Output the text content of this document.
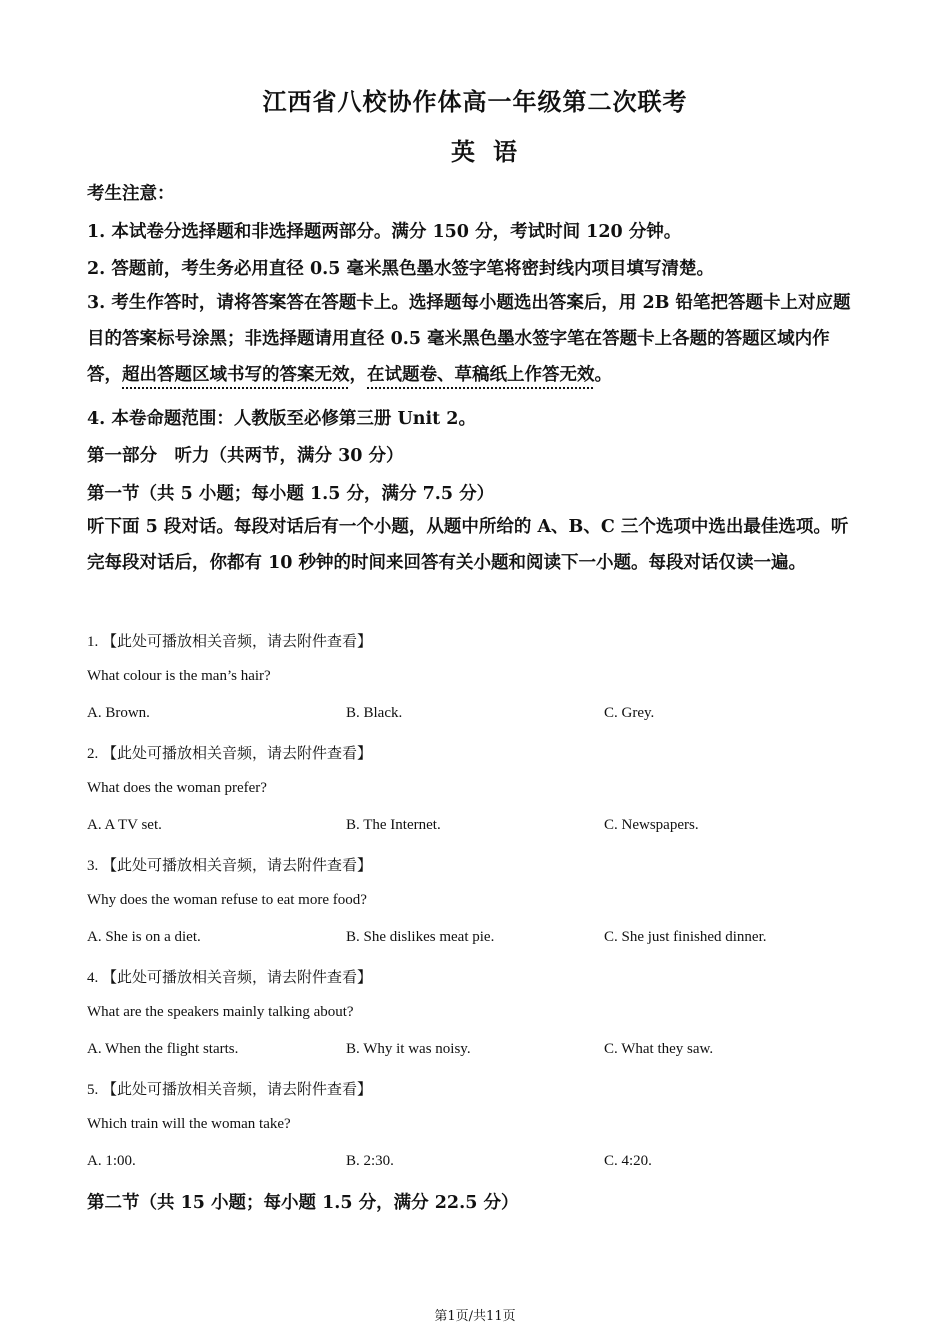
江西省八校协作体高一年级第二次联考
英语
考生注意：
1. 本试卷分选择题和非选择题两部分。满分 150 分，考试时间 120 分钟。
2. 答题前，考生务必用直径 0.5 毫米黑色墨水签字笔将密封线内项目填写清楚。
3. 考生作答时，请将答案答在答题卡上。选择题每小题选出答案后，用 2B 铅笔把答题卡上对应题目的答案标号涂黑；非选择题请用直径 0.5 毫米黑色墨水签字笔在答题卡上各题的答题区域内作答，超出答题区域书写的答案无效，在试题卷、草稿纸上作答无效。
4. 本卷命题范围：人教版至必修第三册 Unit 2。
第一部分　听力（共两节，满分 30 分）
第一节（共 5 小题；每小题 1.5 分，满分 7.5 分）
听下面 5 段对话。每段对话后有一个小题，从题中所给的 A、B、C 三个选项中选出最佳选项。听完每段对话后，你都有 10 秒钟的时间来回答有关小题和阅读下一小题。每段对话仅读一遍。
1. 【此处可播放相关音频，请去附件查看】
What colour is the man’s hair?
A. Brown.	B. Black.	C. Grey.
2. 【此处可播放相关音频，请去附件查看】
What does the woman prefer?
A. A TV set.	B. The Internet.	C. Newspapers.
3. 【此处可播放相关音频，请去附件查看】
Why does the woman refuse to eat more food?
A. She is on a diet.	B. She dislikes meat pie.	C. She just finished dinner.
4. 【此处可播放相关音频，请去附件查看】
What are the speakers mainly talking about?
A. When the flight starts.	B. Why it was noisy.	C. What they saw.
5. 【此处可播放相关音频，请去附件查看】
Which train will the woman take?
A. 1:00.	B. 2:30.	C. 4:20.
第二节（共 15 小题；每小题 1.5 分，满分 22.5 分）
第1页/共11页
